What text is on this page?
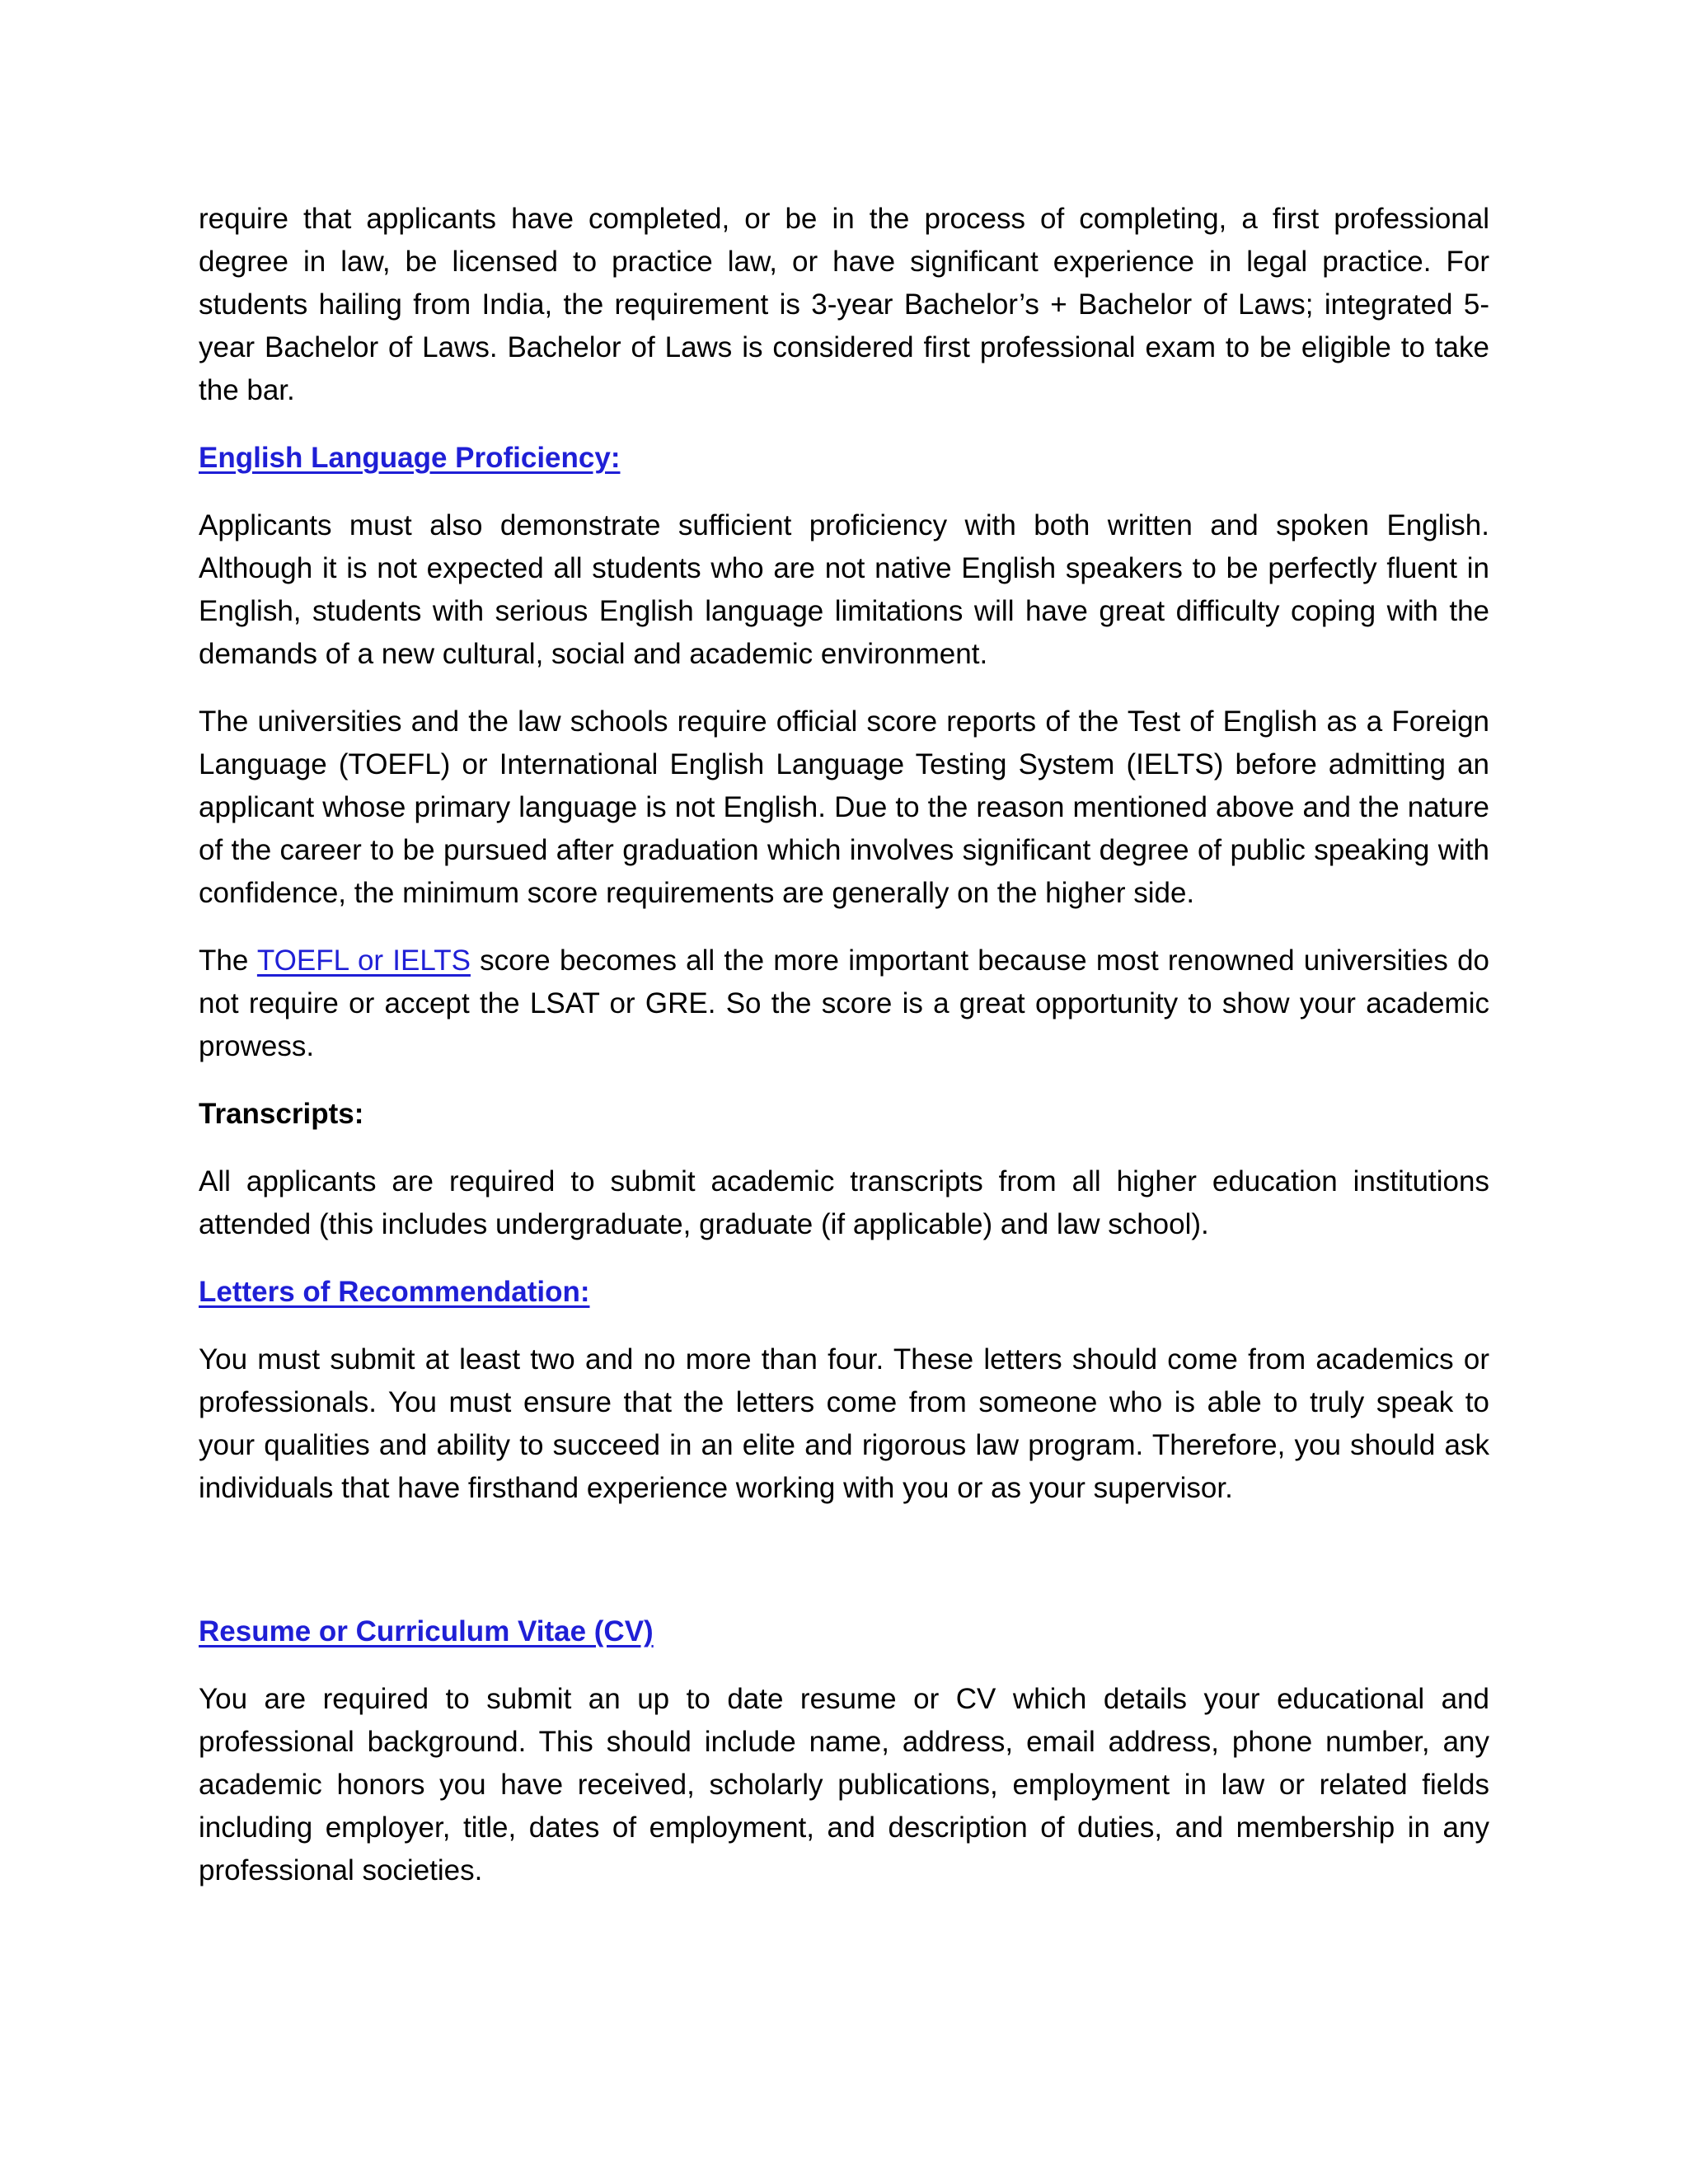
require that applicants have completed, or be in the process of completing, a first professional degree in law, be licensed to practice law, or have significant experience in legal practice. For students hailing from India, the requirement is 3-year Bachelor’s + Bachelor of Laws; integrated 5-year Bachelor of Laws. Bachelor of Laws is considered first professional exam to be eligible to take the bar.

English Language Proficiency:

Applicants must also demonstrate sufficient proficiency with both written and spoken English. Although it is not expected all students who are not native English speakers to be perfectly fluent in English, students with serious English language limitations will have great difficulty coping with the demands of a new cultural, social and academic environment.

The universities and the law schools require official score reports of the Test of English as a Foreign Language (TOEFL) or International English Language Testing System (IELTS) before admitting an applicant whose primary language is not English. Due to the reason mentioned above and the nature of the career to be pursued after graduation which involves significant degree of public speaking with confidence, the minimum score requirements are generally on the higher side.

The TOEFL or IELTS score becomes all the more important because most renowned universities do not require or accept the LSAT or GRE. So the score is a great opportunity to show your academic prowess.

Transcripts:

All applicants are required to submit academic transcripts from all higher education institutions attended (this includes undergraduate, graduate (if applicable) and law school).

Letters of Recommendation:

You must submit at least two and no more than four. These letters should come from academics or professionals. You must ensure that the letters come from someone who is able to truly speak to your qualities and ability to succeed in an elite and rigorous law program. Therefore, you should ask individuals that have firsthand experience working with you or as your supervisor.

Resume or Curriculum Vitae (CV)

You are required to submit an up to date resume or CV which details your educational and professional background. This should include name, address, email address, phone number, any academic honors you have received, scholarly publications, employment in law or related fields including employer, title, dates of employment, and description of duties, and membership in any professional societies.
